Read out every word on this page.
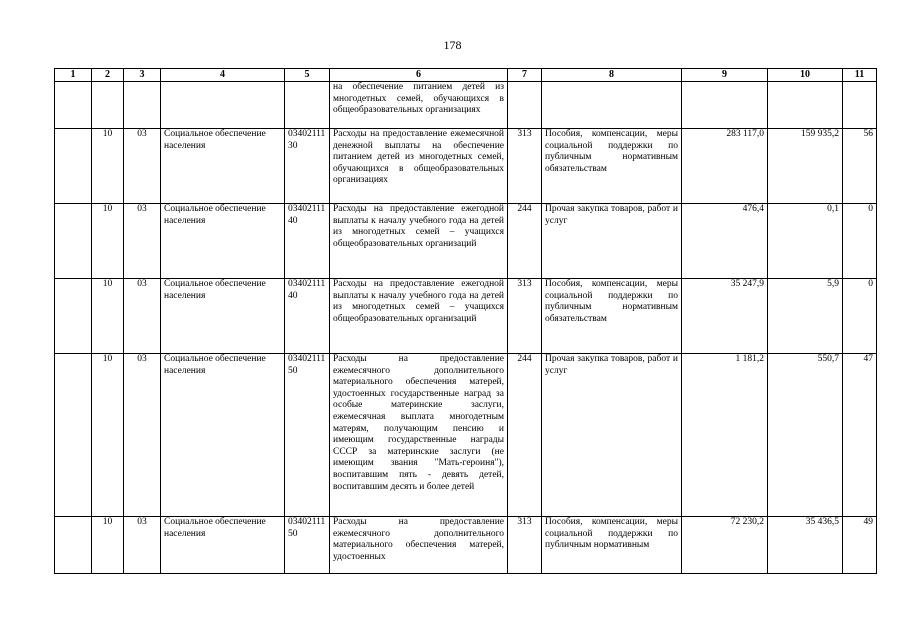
178
1	2	3	4	5	6	7	8	9	10	11
					на обеспечение питанием детей из многодетных семей, обучающихся в общеобразовательных организациях					
	10	03	Социальное обеспечение населения	0340211130	Расходы на предоставление ежемесячной денежной выплаты на обеспечение питанием детей из многодетных семей, обучающихся в общеобразовательных организациях	313	Пособия, компенсации, меры социальной поддержки по публичным нормативным обязательствам	283 117,0	159 935,2	56
	10	03	Социальное обеспечение населения	0340211140	Расходы на предоставление ежегодной выплаты к началу учебного года на детей из многодетных семей – учащихся общеобразовательных организаций	244	Прочая закупка товаров, работ и услуг	476,4	0,1	0
	10	03	Социальное обеспечение населения	0340211140	Расходы на предоставление ежегодной выплаты к началу учебного года на детей из многодетных семей – учащихся общеобразовательных организаций	313	Пособия, компенсации, меры социальной поддержки по публичным нормативным обязательствам	35 247,9	5,9	0
	10	03	Социальное обеспечение населения	0340211150	Расходы на предоставление ежемесячного дополнительного материального обеспечения матерей, удостоенных государственные наград за особые материнские заслуги, ежемесячная выплата многодетным матерям, получающим пенсию и имеющим государственные награды СССР за материнские заслуги (не имеющим звания "Мать-героиня"), воспитавшим пять - девять детей, воспитавшим десять и более детей	244	Прочая закупка товаров, работ и услуг	1 181,2	550,7	47
	10	03	Социальное обеспечение населения	0340211150	Расходы на предоставление ежемесячного дополнительного материального обеспечения матерей, удостоенных	313	Пособия, компенсации, меры социальной поддержки по публичным нормативным	72 230,2	35 436,5	49
